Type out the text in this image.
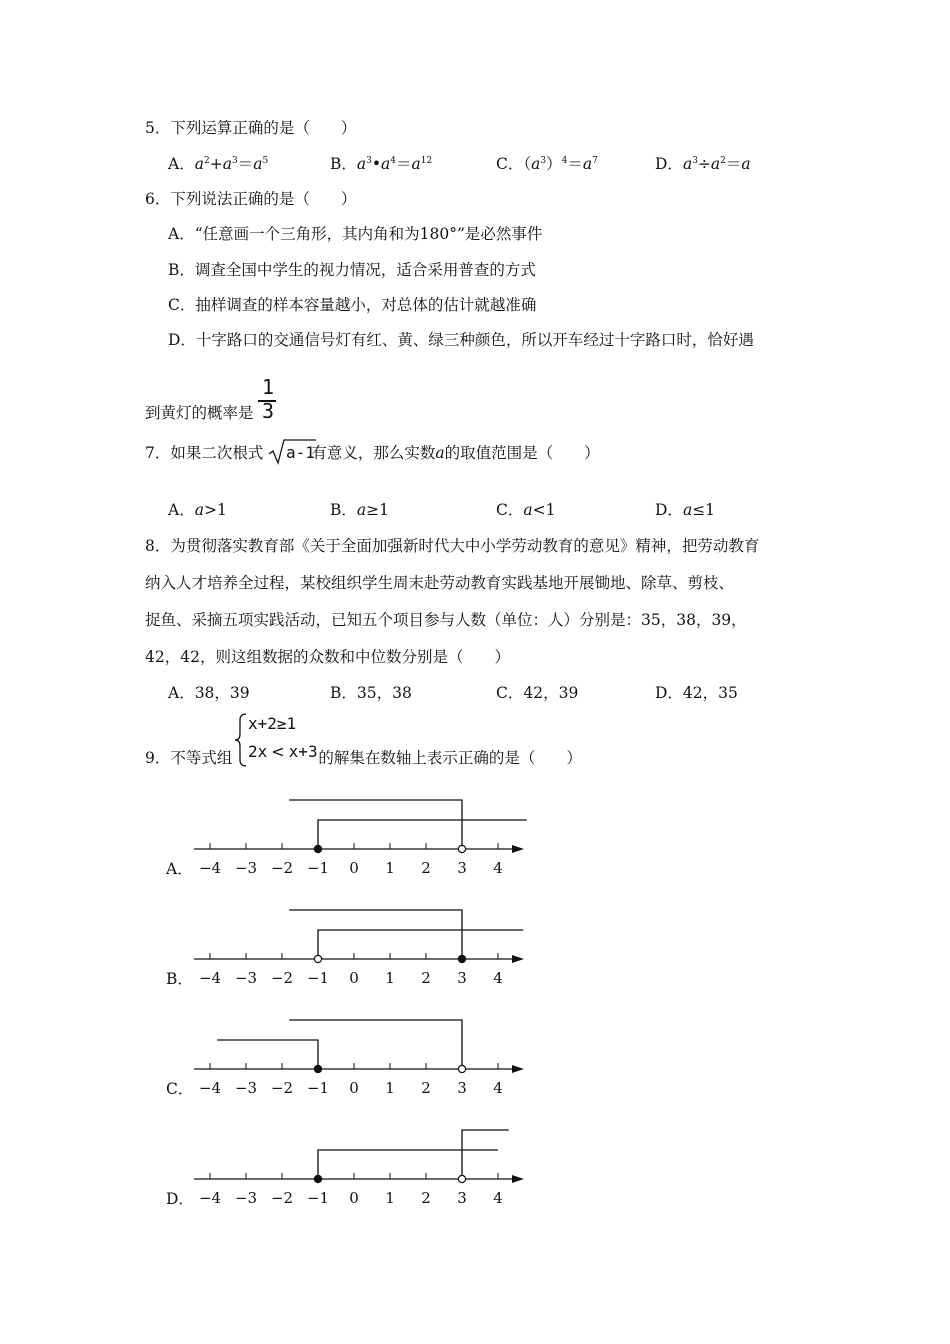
5．下列运算正确的是（　　）
A．$a^2+a^3=a^5$	B．$a^3•a^4=a^{12}$	C．$(a^3)^4=a^7$	D．$a^3\div a^2=a$
6．下列说法正确的是（　　）
A．“任意画一个三角形，其内角和为180°”是必然事件
B．调查全国中学生的视力情况，适合采用普查的方式
C．抽样调查的样本容量越小，对总体的估计就越准确
D．十字路口的交通信号灯有红、黄、绿三种颜色，所以开车经过十字路口时，恰好遇
到黄灯的概率是
1
3
7．如果二次根式	有意义，那么实数a的取值范围是（　　）
a-1
A．a>1	B．a≥1	C．a<1	D．a≤1
8．为贯彻落实教育部《关于全面加强新时代大中小学劳动教育的意见》精神，把劳动教育
纳入人才培养全过程，某校组织学生周末赴劳动教育实践基地开展锄地、除草、剪枝、
捉鱼、采摘五项实践活动，已知五个项目参与人数（单位：人）分别是：35，38，39，
42，42，则这组数据的众数和中位数分别是（　　）
A．38，39	B．35，38	C．42，39	D．42，35
9．不等式组	的解集在数轴上表示正确的是（　　）
x+2≥1
2x < x+3
A． −4 −3 −2 −1 0 1 2 3 4
B． −4 −3 −2 −1 0 1 2 3 4
C． −4 −3 −2 −1 0 1 2 3 4
D． −4 −3 −2 −1 0 1 2 3 4
